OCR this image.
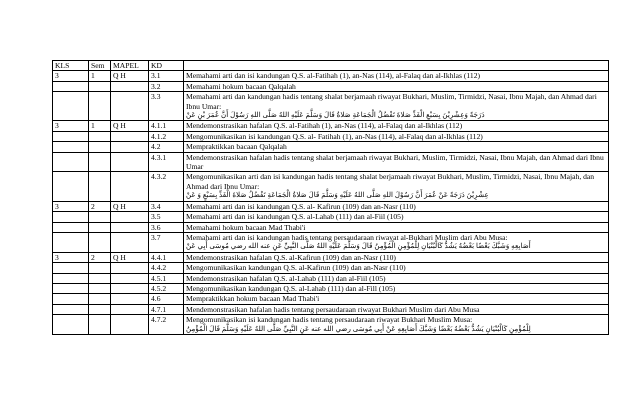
KLS	Sem	MAPEL	KD	
3	1	Q H	3.1	Memahami arti dan isi kandungan Q.S. al-Fatihah (1), an-Nas (114), al-Falaq dan al-Ikhlas (112)
			3.2	Memahami hokum bacaan Qalqalah
			3.3	Memahami arti dan kandungan hadis tentang shalat berjamaah riwayat Bukhari, Muslim, Tirmidzi, Nasai, Ibnu Majah, dan Ahmad dari Ibnu Umar:
دَرَجَةً وَعِشْرِيْنَ بِسَبْعٍ الْفَذِّ صَلاةَ تَفْضُلُ الْجَمَاعَةِ صَلاةُ قَالَ وَسَلَّمَ عَلَيْهِ اللهُ صَلَّى اللهِ رَسُوْلَ أَنَّ عُمَرَ بْنِ عَنْ

3	1	Q H	4.1.1	Mendemonstrasikan hafalan Q.S. al-Fatihah (1), an-Nas (114), al-Falaq dan al-Ikhlas (112)
			4.1.2	Mengomunikasikan isi kandungan Q.S. al- Fatihah (1), an-Nas (114), al-Falaq dan al-Ikhlas (112)
			4.2	Mempraktikkan bacaan Qalqalah
			4.3.1	Mendemonstrasikan hafalan hadis tentang shalat berjamaah riwayat Bukhari, Muslim, Tirmidzi, Nasai, Ibnu Majah, dan Ahmad dari Ibnu Umar
			4.3.2	Mengomunikasikan arti dan isi kandungan hadis tentang shalat berjamaah riwayat Bukhari, Muslim, Tirmidzi, Nasai, Ibnu Majah, dan Ahmad dari Ibnu Umar:
عِشْرِيْنَ دَرَجَةً عَنْ عُمَرَ أَنَّ رَسُوْلَ اللهِ صَلَّى اللهُ عَلَيْهِ وَسَلَّمَ قَالَ صَلاةُ الْجَمَاعَةِ تَفْضُلُ صَلاةَ الْفَذِّ بِسَبْعٍ وَ عَنْ

3	2	Q H	3.4	Memahami arti dan isi kandungan Q.S. al- Kafirun (109) dan an-Nasr (110)
			3.5	Memahami arti dan isi kandungan Q.S. al-Lahab (111) dan al-Fiil (105)
			3.6	Memahami hokum bacaan Mad Thabi'i
			3.7	Memahami arti dan isi kandungan hadis tentang persaudaraan riwayat al-Bukhari Muslim dari Abu Musa:
أَصَابِعِهِ وَشَبَّكَ بَعْضًا بَعْضُهُ يَشُدُّ كَالْبُنْيَانِ لِلْمُؤْمِنِ الْمُؤْمِنُ قَالَ وَسَلَّمَ عَلَيْهِ اللهُ صَلَّى النَّبِيِّ عَنِ عنه الله رضي مُوسَى أَبِي عَنْ

3	2	Q H	4.4.1	Mendemonstrasikan hafalan Q.S. al-Kafirun (109) dan an-Nasr (110)
			4.4.2	Mengomunikasikan kandungan Q.S. al-Kafirun (109) dan an-Nasr (110)
			4.5.1	Mendemonstrasikan hafalan Q.S. al-Lahab (111) dan al-Fiil (105)
			4.5.2	Mengomunikasikan kandungan Q.S. al-Lahab (111) dan al-Fill (105)
			4.6	Mempraktikkan hokum bacaan Mad Thabi'i
			4.7.1	Mendemonstrasikan hafalan hadis tentang persaudaraan riwayat Bukhari Muslim dari Abu Musa
			4.7.2	Mengomunikasikan isi kandungan hadis tentang persaudaraan riwayat Bukhari Muslim Musa:
لِلْمُؤْمِنِ كَالْبُنْيَانِ يَشُدُّ بَعْضُهُ بَعْضًا وَشَبَّكَ أَصَابِعِهِ عَنْ أَبِي مُوسَى رضي الله عنه عَنِ النَّبِيِّ صَلَّى اللهُ عَلَيْهِ وَسَلَّمَ قَالَ الْمُؤْمِنُ
